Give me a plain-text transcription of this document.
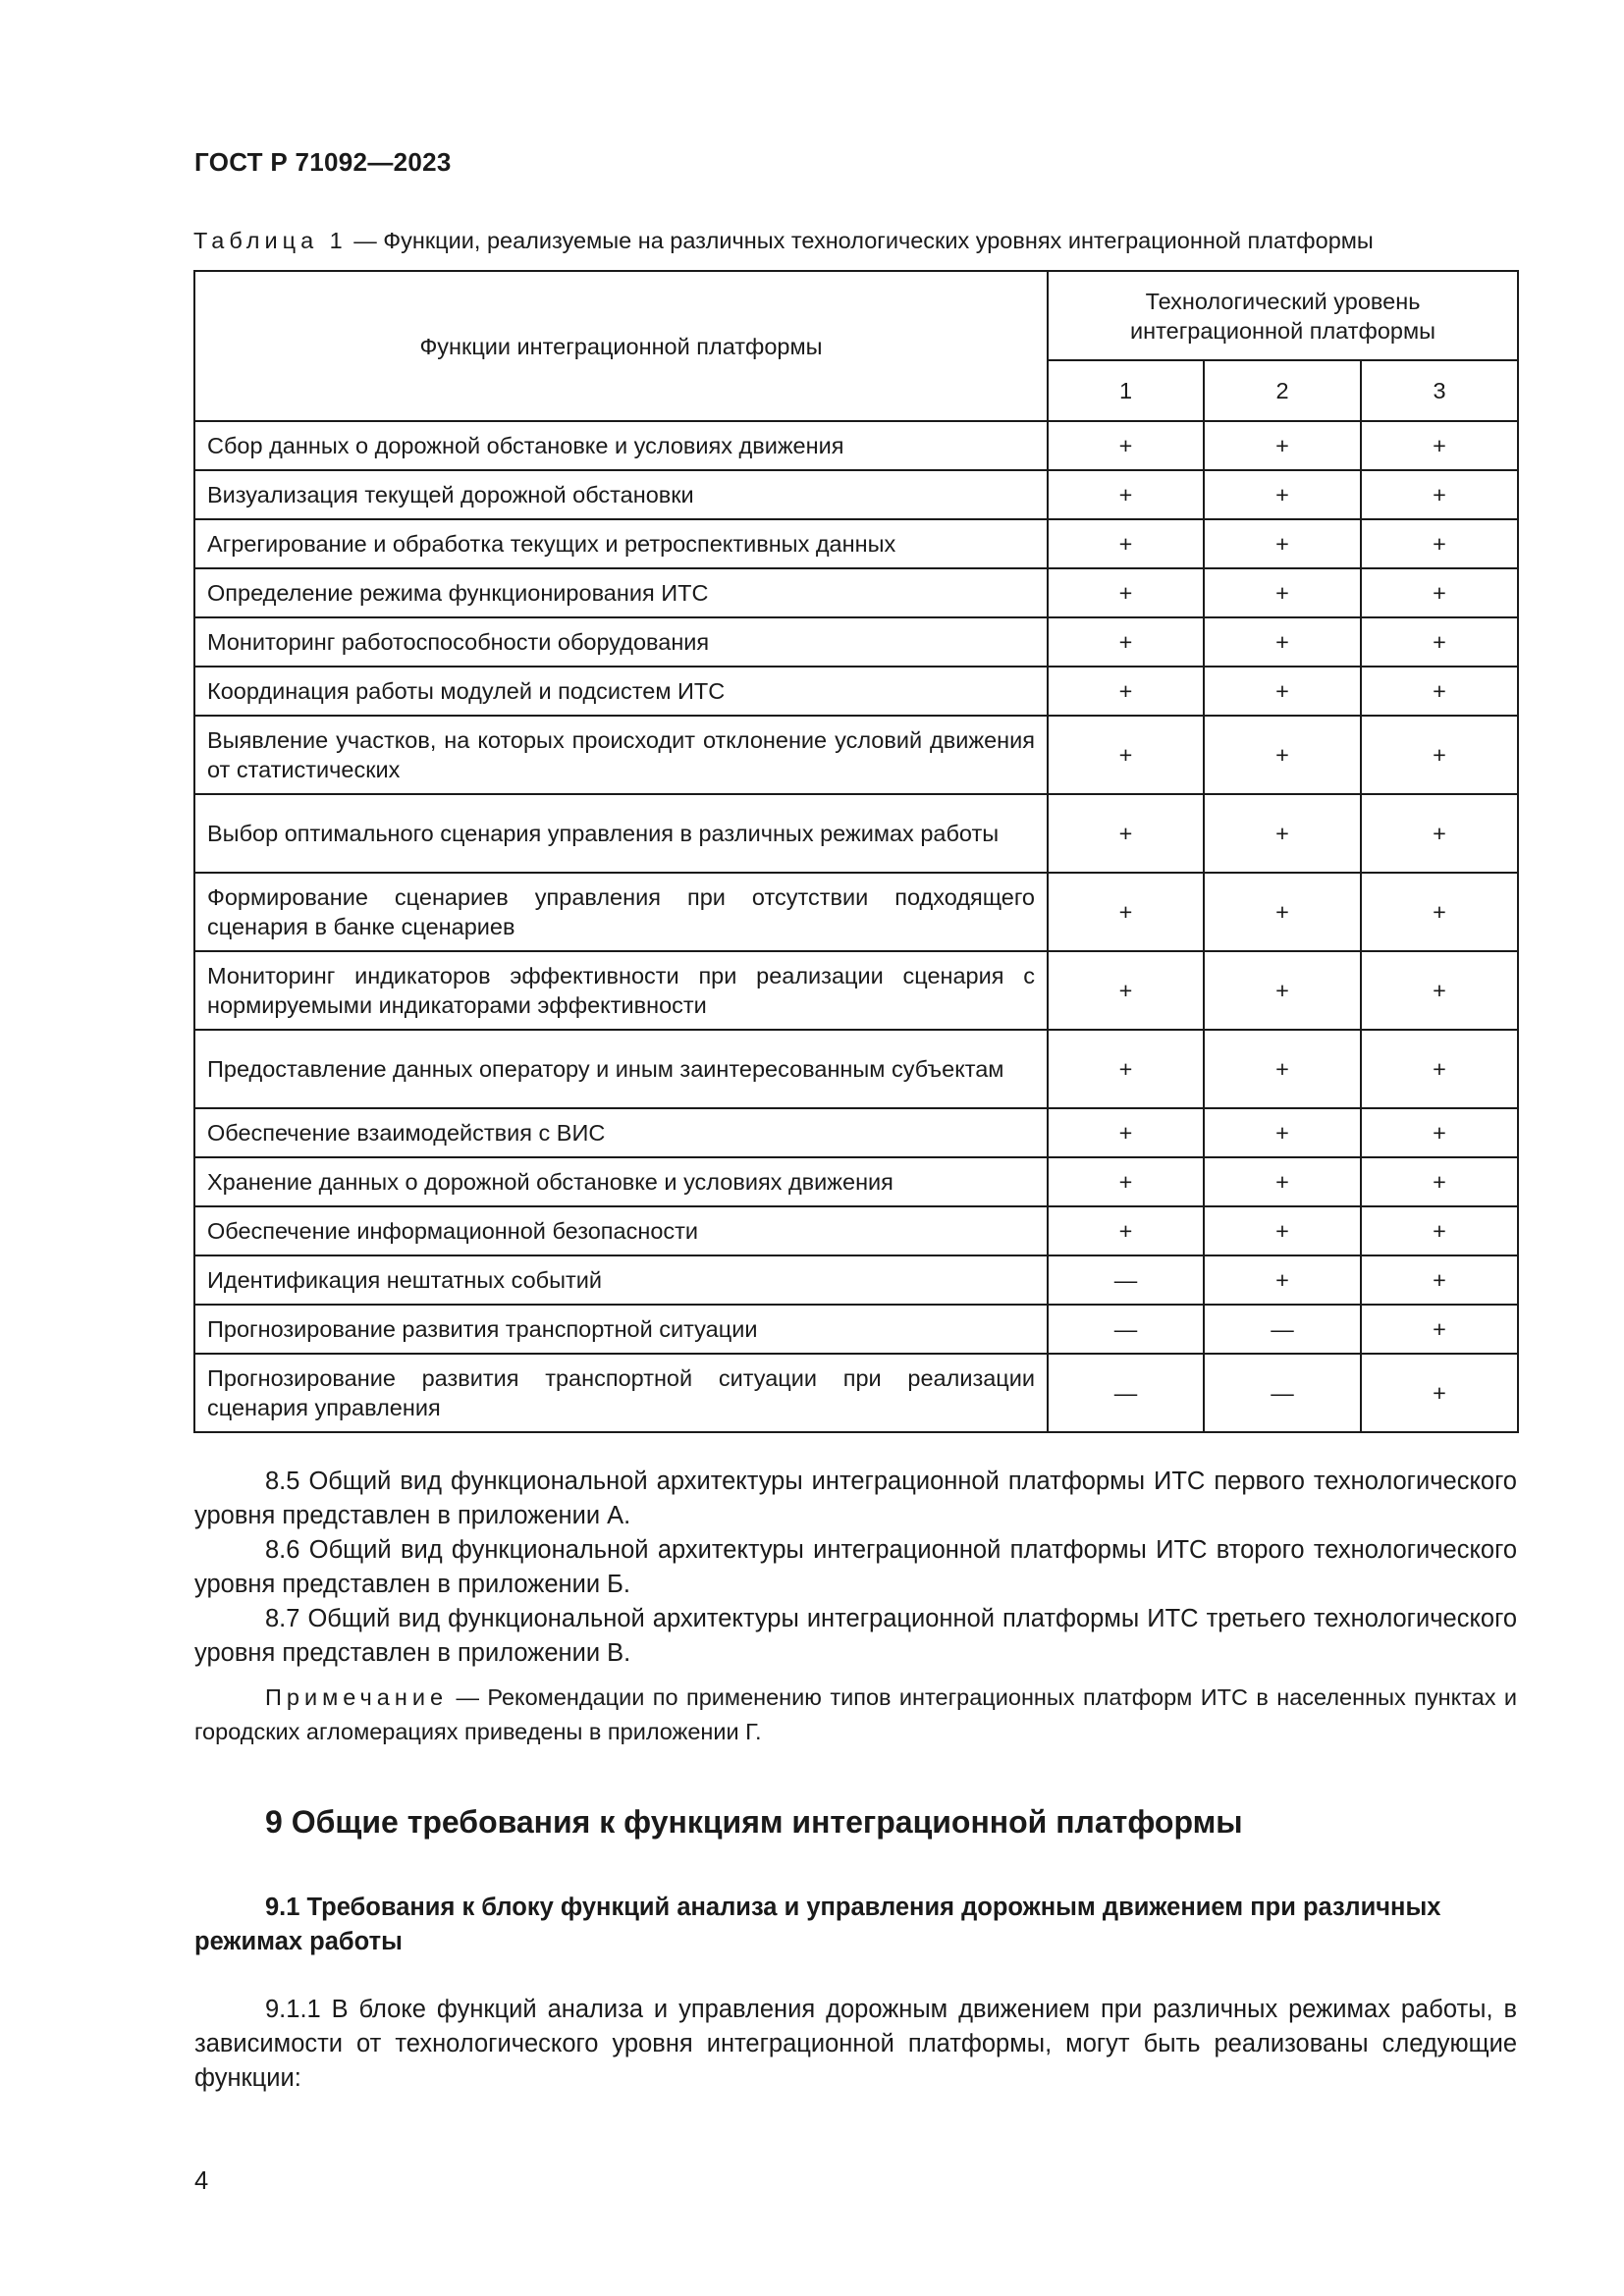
ГОСТ Р 71092—2023
Таблица 1 — Функции, реализуемые на различных технологических уровнях интеграционной платформы
Функции интеграционной платформы	Технологический уровень интеграционной платформы		
	1	2	3
Сбор данных о дорожной обстановке и условиях движения	+	+	+
Визуализация текущей дорожной обстановки	+	+	+
Агрегирование и обработка текущих и ретроспективных данных	+	+	+
Определение режима функционирования ИТС	+	+	+
Мониторинг работоспособности оборудования	+	+	+
Координация работы модулей и подсистем ИТС	+	+	+
Выявление участков, на которых происходит отклонение условий движения от статистических	+	+	+
Выбор оптимального сценария управления в различных режимах работы	+	+	+
Формирование сценариев управления при отсутствии подходящего сценария в банке сценариев	+	+	+
Мониторинг индикаторов эффективности при реализации сценария с нормируемыми индикаторами эффективности	+	+	+
Предоставление данных оператору и иным заинтересованным субъектам	+	+	+
Обеспечение взаимодействия с ВИС	+	+	+
Хранение данных о дорожной обстановке и условиях движения	+	+	+
Обеспечение информационной безопасности	+	+	+
Идентификация нештатных событий	—	+	+
Прогнозирование развития транспортной ситуации	—	—	+
Прогнозирование развития транспортной ситуации при реализации сценария управления	—	—	+

8.5 Общий вид функциональной архитектуры интеграционной платформы ИТС первого технологического уровня представлен в приложении А.

8.6 Общий вид функциональной архитектуры интеграционной платформы ИТС второго технологического уровня представлен в приложении Б.

8.7 Общий вид функциональной архитектуры интеграционной платформы ИТС третьего технологического уровня представлен в приложении В.

Примечание — Рекомендации по применению типов интеграционных платформ ИТС в населенных пунктах и городских агломерациях приведены в приложении Г.

9 Общие требования к функциям интеграционной платформы

9.1 Требования к блоку функций анализа и управления дорожным движением при различных режимах работы

9.1.1 В блоке функций анализа и управления дорожным движением при различных режимах работы, в зависимости от технологического уровня интеграционной платформы, могут быть реализованы следующие функции:

4
